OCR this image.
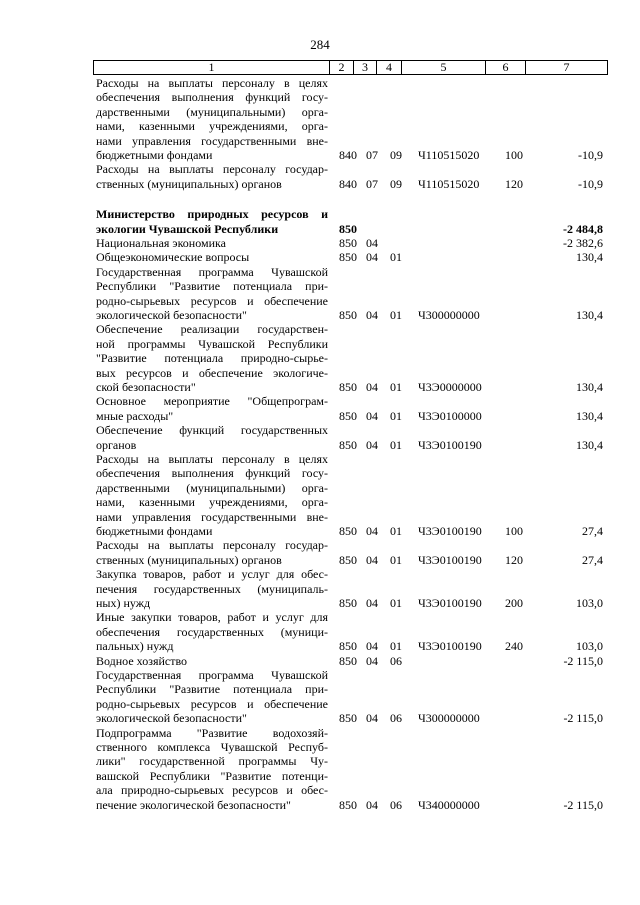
284
1	2	3	4	5	6	7
Расходы на выплаты персоналу в целях
обеспечения выполнения функций госу-
дарственными (муниципальными) орга-
нами, казенными учреждениями, орга-
нами управления государственными вне-
бюджетными фондами	840 07 09 Ч110515020 100	-10,9
Расходы на выплаты персоналу государ-
ственных (муниципальных) органов	840 07 09 Ч110515020 120	-10,9
Министерство природных ресурсов и
экологии Чувашской Республики	850	-2 484,8
Национальная экономика	850 04	-2 382,6
Общеэкономические вопросы	850 04 01	130,4
Государственная программа Чувашской
Республики "Развитие потенциала при-
родно-сырьевых ресурсов и обеспечение
экологической безопасности"	850 04 01 Ч300000000	130,4
Обеспечение реализации государствен-
ной программы Чувашской Республики
"Развитие потенциала природно-сырье-
вых ресурсов и обеспечение экологиче-
ской безопасности"	850 04 01 Ч3Э0000000	130,4
Основное мероприятие "Общепрограм-
мные расходы"	850 04 01 Ч3Э0100000	130,4
Обеспечение функций государственных
органов	850 04 01 Ч3Э0100190	130,4
Расходы на выплаты персоналу в целях
обеспечения выполнения функций госу-
дарственными (муниципальными) орга-
нами, казенными учреждениями, орга-
нами управления государственными вне-
бюджетными фондами	850 04 01 Ч3Э0100190 100	27,4
Расходы на выплаты персоналу государ-
ственных (муниципальных) органов	850 04 01 Ч3Э0100190 120	27,4
Закупка товаров, работ и услуг для обес-
печения государственных (муниципаль-
ных) нужд	850 04 01 Ч3Э0100190 200	103,0
Иные закупки товаров, работ и услуг для
обеспечения государственных (муници-
пальных) нужд	850 04 01 Ч3Э0100190 240	103,0
Водное хозяйство	850 04 06	-2 115,0
Государственная программа Чувашской
Республики "Развитие потенциала при-
родно-сырьевых ресурсов и обеспечение
экологической безопасности"	850 04 06 Ч300000000	-2 115,0
Подпрограмма "Развитие водохозяй-
ственного комплекса Чувашской Респуб-
лики" государственной программы Чу-
вашской Республики "Развитие потенци-
ала природно-сырьевых ресурсов и обес-
печение экологической безопасности"	850 04 06 Ч340000000	-2 115,0
